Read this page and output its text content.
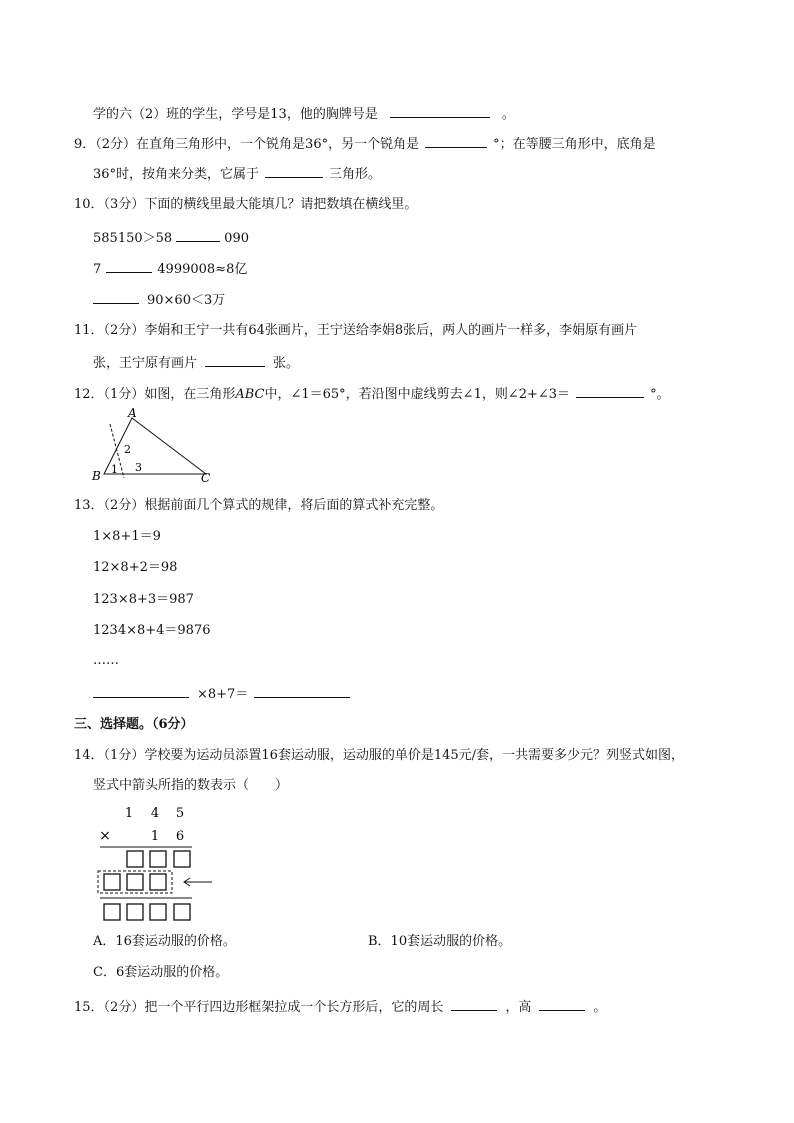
学的六（2）班的学生，学号是13，他的胸牌号是	。
9．（2分）在直角三角形中，一个锐角是36°，另一个锐角是	°；在等腰三角形中，底角是
36°时，按角来分类，它属于	三角形。
10．（3分）下面的横线里最大能填几？请把数填在横线里。
585150＞58	090
7	4999008≈8亿
90×60＜3万
11．（2分）李娟和王宁一共有64张画片，王宁送给李娟8张后，两人的画片一样多，李娟原有画片
张，王宁原有画片	张。
12．（1分）如图，在三角形ABC中，∠1＝65°，若沿图中虚线剪去∠1，则∠2+∠3＝	°。
A
B	C
1
2
3
13．（2分）根据前面几个算式的规律，将后面的算式补充完整。
1×8+1＝9
12×8+2＝98
123×8+3＝987
1234×8+4＝9876
……
×8+7＝
三、选择题。（6分）
14．（1分）学校要为运动员添置16套运动服，运动服的单价是145元/套，一共需要多少元？列竖式如图，
竖式中箭头所指的数表示（　　）
1 4 5
×	1 6
A．16套运动服的价格。	B．10套运动服的价格。
C．6套运动服的价格。
15．（2分）把一个平行四边形框架拉成一个长方形后，它的周长	，高	。
